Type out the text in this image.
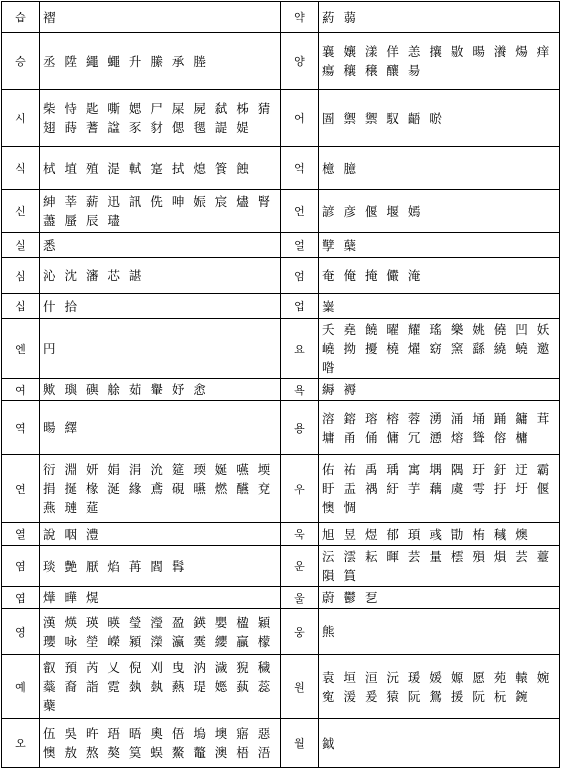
습	褶	약	葯 蒻
승	丞 陞 繩 蠅 升 縢 承 塍	양	襄 孃 漾 佯 恙 攘 敭 暘 瀁 煬 痒 瘍 穰 穣 釀 昜
시	柴 恃 匙 嘶 媤 尸 屎 屍 弑 柹 猜 翅 蒔 蓍 諡 豕 豺 偲 毸 諟 媞	어	圄 禦 禦 馭 齬 唹
식	栻 埴 殖 湜 軾 寔 拭 熄 篒 蝕	억	檍 臆
신	紳 莘 薪 迅 訊 侁 呻 娠 宸 燼 腎 藎 蜃 辰 璶	언	諺 彦 偃 堰 嫣
실	悉	얼	孼 蘖
심	沁 沈 瀋 芯 諶	엄	奄 俺 掩 儼 淹
십	什 拾	업	嶪
엔	円	요	夭 堯 饒 曜 耀 瑤 樂 姚 僥 凹 妖 嶢 拗 擾 橈 燿 窈 窯 繇 繞 蟯 邀 喒
여	歟 璵 礖 艅 茹 轝 妤 悆	욕	縟 褥
역	暘 繹	용	溶 鎔 瑢 榕 蓉 湧 涌 埇 踊 鏞 茸 墉 甬 俑 傭 冗 慂 熔 聳 傛 槦
연	衍 淵 妍 娟 涓 沇 筵 瑌 娫 嚥 堧 捐 挻 椽 涎 緣 鳶 硯 曣 燃 醼 兗 燕 璉 莚	우	佑 祐 禹 瑀 寓 堣 隅 玗 釪 迂 霸 盱 盂 禑 紆 芋 藕 虞 雩 扜 圩 偃 懊 惆
열	說 咽 澧	욱	旭 昱 煜 郁 頊 彧 勖 栯 稶 燠
염	琰 艶 厭 焰 苒 閻 髥	운	沄 澐 耘 暉 芸 量 橒 殞 熉 芸 薹 隕 篔
엽	燁 曄 熀	울	蔚 鬱 乭
영	漢 煐 瑛 暎 瑩 瀅 盈 鍈 嬰 楹 穎 瓔 咏 塋 嶸 潁 濚 瀛 霙 纓 贏 檬	웅	熊
예	叡 預 芮 乂 倪 刈 曳 汭 濊 猊 穢 蘂 裔 詣 霓 埶 埶 爇 瑅 嫕 蓺 蕊 蘗	원	袁 垣 洹 沅 瑗 媛 嫄 愿 苑 轅 婉 寃 湲 爰 猿 阮 鴛 援 阮 杬 鋺
오	伍 吳 旿 珸 晤 奧 俉 塢 墺 寤 惡 懊 敖 熬 獒 筽 蜈 鰲 鼇 澳 梧 浯	월	鉞
